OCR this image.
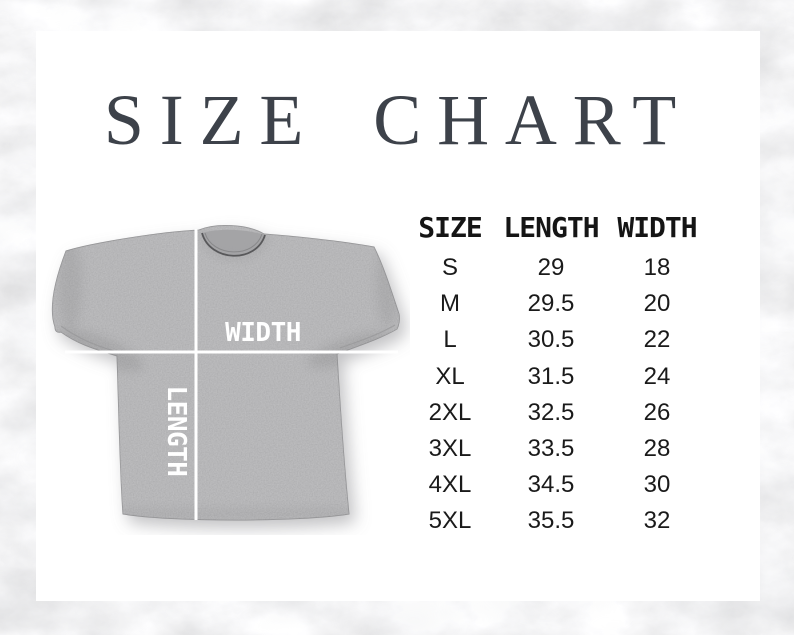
SIZE CHART
WIDTH
LENGTH
SIZE LENGTH WIDTH
S	29	18
M	29.5	20
L	30.5	22
XL	31.5	24
2XL	32.5	26
3XL	33.5	28
4XL	34.5	30
5XL	35.5	32
